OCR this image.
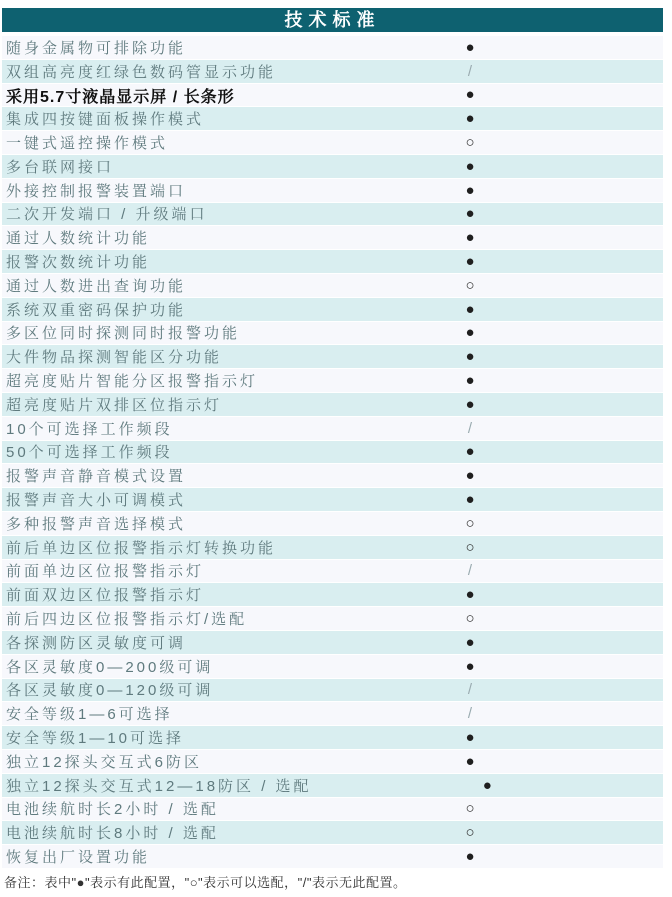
技术标准
随身金属物可排除功能	●
双组高亮度红绿色数码管显示功能	/
采用5.7寸液晶显示屏 / 长条形	●
集成四按键面板操作模式	●
一键式遥控操作模式	○
多台联网接口	●
外接控制报警装置端口	●
二次开发端口 / 升级端口	●
通过人数统计功能	●
报警次数统计功能	●
通过人数进出查询功能	○
系统双重密码保护功能	●
多区位同时探测同时报警功能	●
大件物品探测智能区分功能	●
超亮度贴片智能分区报警指示灯	●
超亮度贴片双排区位指示灯	●
10个可选择工作频段	/
50个可选择工作频段	●
报警声音静音模式设置	●
报警声音大小可调模式	●
多种报警声音选择模式	○
前后单边区位报警指示灯转换功能	○
前面单边区位报警指示灯	/
前面双边区位报警指示灯	●
前后四边区位报警指示灯/选配	○
各探测防区灵敏度可调	●
各区灵敏度0—200级可调	●
各区灵敏度0—120级可调	/
安全等级1—6可选择	/
安全等级1—10可选择	●
独立12探头交互式6防区	●
独立12探头交互式12—18防区 / 选配	●
电池续航时长2小时 / 选配	○
电池续航时长8小时 / 选配	○
恢复出厂设置功能	●
备注：表中"●"表示有此配置，"○"表示可以选配，"/"表示无此配置。
